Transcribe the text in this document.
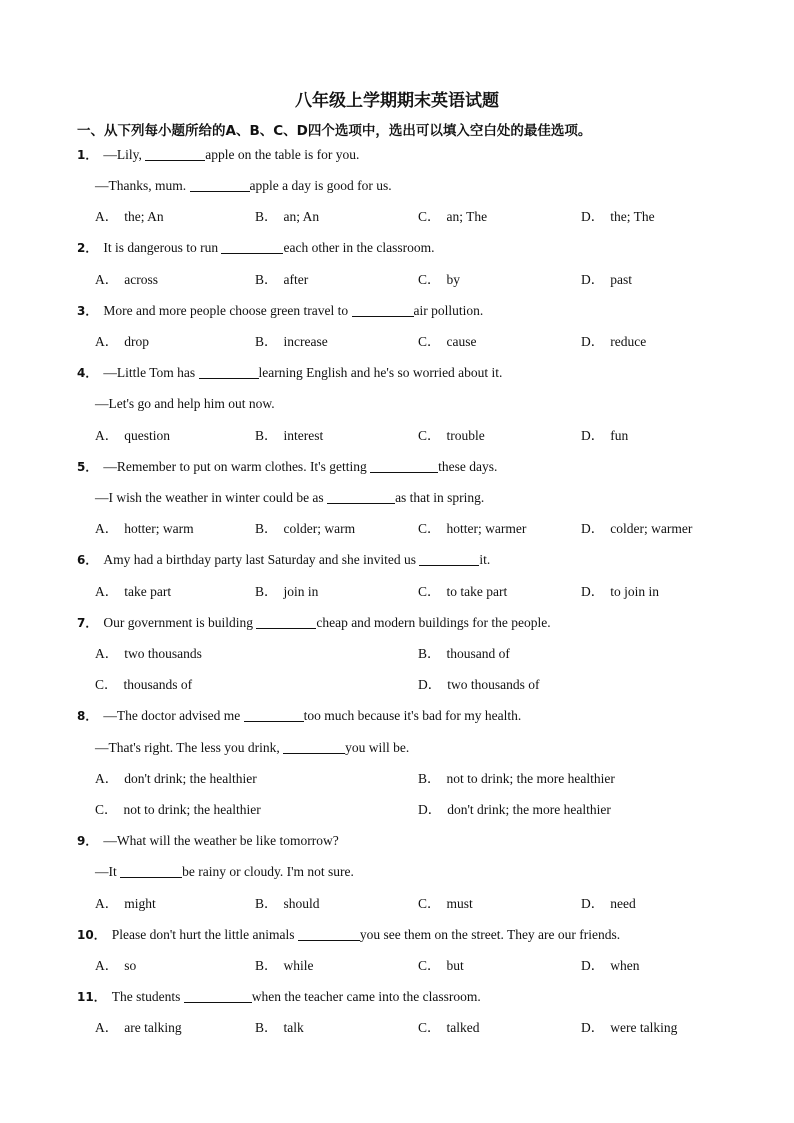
八年级上学期期末英语试题
一、从下列每小题所给的A、B、C、D四个选项中，选出可以填入空白处的最佳选项。
1． —Lily,	apple on the table is for you.
—Thanks, mum.	apple a day is good for us.
A． the; An	B． an; An	C． an; The	D． the; The
2． It is dangerous to run	each other in the classroom.
A． across	B． after	C． by	D． past
3． More and more people choose green travel to	air pollution.
A． drop	B． increase	C． cause	D． reduce
4． —Little Tom has	learning English and he's so worried about it.
—Let's go and help him out now.
A． question	B． interest	C． trouble	D． fun
5． —Remember to put on warm clothes. It's getting	these days.
—I wish the weather in winter could be as	as that in spring.
A． hotter; warm	B． colder; warm	C． hotter; warmer	D． colder; warmer
6． Amy had a birthday party last Saturday and she invited us	it.
A． take part	B． join in	C． to take part	D． to join in
7． Our government is building	cheap and modern buildings for the people.
A． two thousands	B． thousand of
C． thousands of	D． two thousands of
8． —The doctor advised me	too much because it's bad for my health.
—That's right. The less you drink,	you will be.
A． don't drink; the healthier	B． not to drink; the more healthier
C． not to drink; the healthier	D． don't drink; the more healthier
9． —What will the weather be like tomorrow?
—It	be rainy or cloudy. I'm not sure.
A． might	B． should	C． must	D． need
10． Please don't hurt the little animals	you see them on the street. They are our friends.
A． so	B． while	C． but	D． when
11． The students	when the teacher came into the classroom.
A． are talking	B． talk	C． talked	D． were talking
